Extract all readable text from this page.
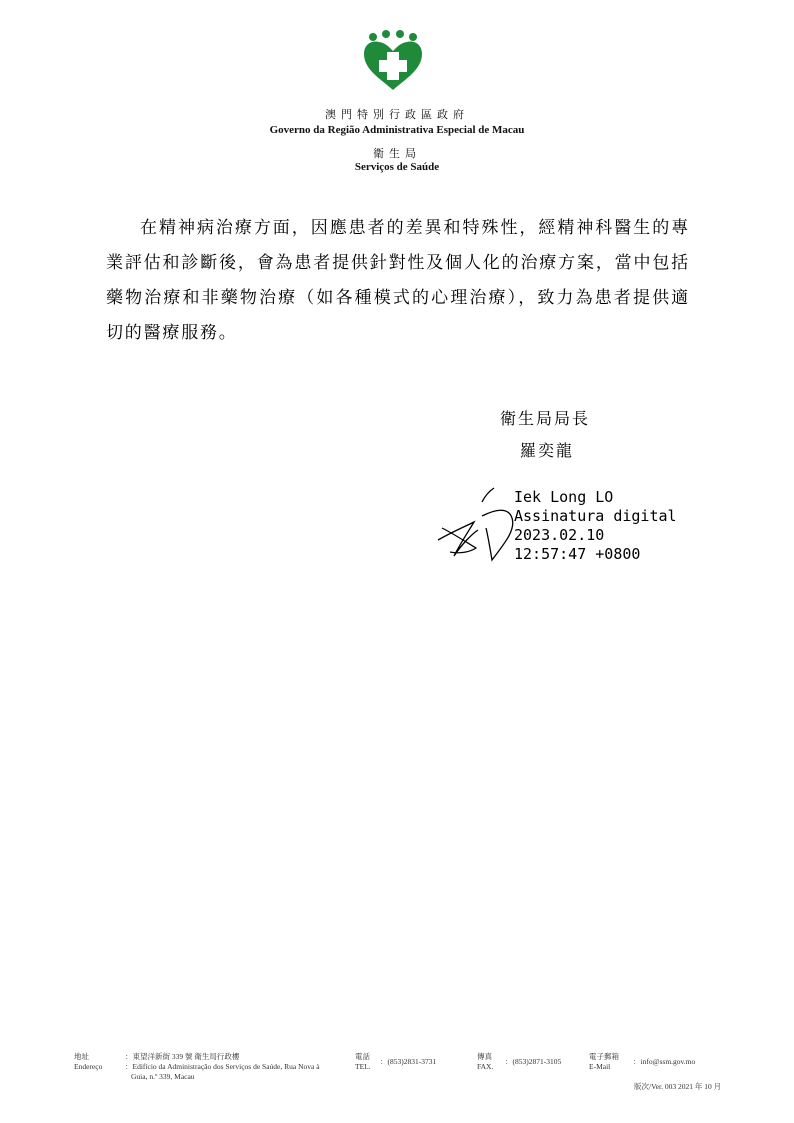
澳門特別行政區政府
Governo da Região Administrativa Especial de Macau
衛生局
Serviços de Saúde

在精神病治療方面，因應患者的差異和特殊性，經精神科醫生的專業評估和診斷後，會為患者提供針對性及個人化的治療方案，當中包括藥物治療和非藥物治療（如各種模式的心理治療），致力為患者提供適切的醫療服務。

衛生局局長
羅奕龍
Iek Long LO
Assinatura digital
2023.02.10
12:57:47 +0800
地址
Endereço
：東望洋新街 339 號 衛生局行政樓
：Edifício da Administração dos Serviços de Saúde, Rua Nova à
Guia, n.º 339, Macau
電話
TEL.
：(853)2831-3731
傳真
FAX.
：(853)2871-3105
電子郵箱
E-Mail
：info@ssm.gov.mo
版次/Ver. 003 2021 年 10 月
